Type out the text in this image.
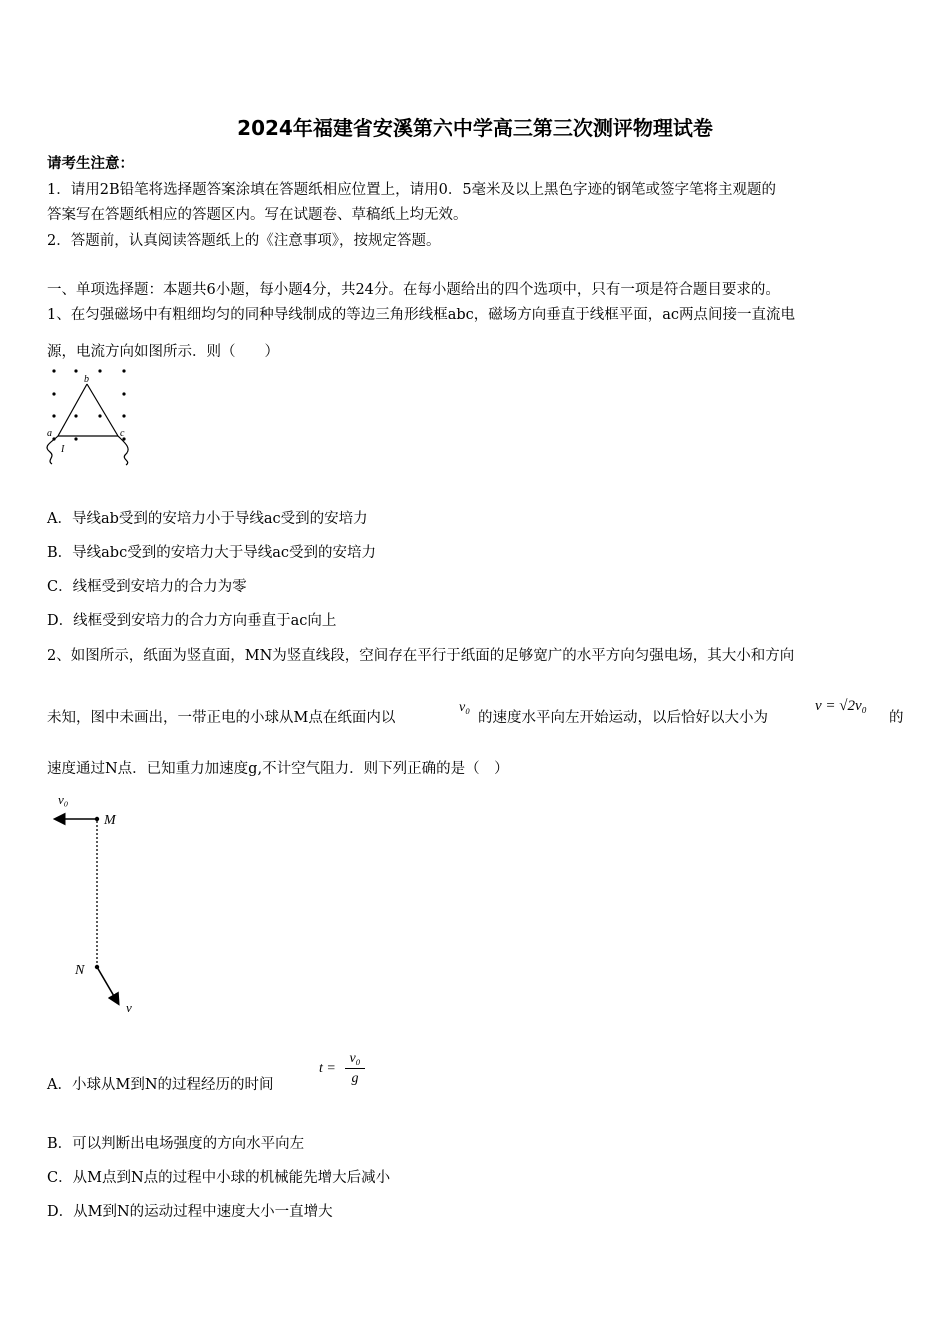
2024年福建省安溪第六中学高三第三次测评物理试卷
请考生注意：
1．请用2B铅笔将选择题答案涂填在答题纸相应位置上，请用0．5毫米及以上黑色字迹的钢笔或签字笔将主观题的
答案写在答题纸相应的答题区内。写在试题卷、草稿纸上均无效。
2．答题前，认真阅读答题纸上的《注意事项》，按规定答题。
一、单项选择题：本题共6小题，每小题4分，共24分。在每小题给出的四个选项中，只有一项是符合题目要求的。
1、在匀强磁场中有粗细均匀的同种导线制成的等边三角形线框abc，磁场方向垂直于线框平面，ac两点间接一直流电
源，电流方向如图所示．则（　　）
b
a	c
I
A．导线ab受到的安培力小于导线ac受到的安培力
B．导线abc受到的安培力大于导线ac受到的安培力
C．线框受到安培力的合力为零
D．线框受到安培力的合力方向垂直于ac向上
2、如图所示，纸面为竖直面，MN为竖直线段，空间存在平行于纸面的足够宽广的水平方向匀强电场，其大小和方向
未知，图中未画出，一带正电的小球从M点在纸面内以
v₀
的速度水平向左开始运动，以后恰好以大小为
v = √2v₀
的
速度通过N点．已知重力加速度g,不计空气阻力．则下列正确的是（　）
v₀
M
N
v
A．小球从M到N的过程经历的时间
t =
v₀
g
B．可以判断出电场强度的方向水平向左
C．从M点到N点的过程中小球的机械能先增大后减小
D．从M到N的运动过程中速度大小一直增大
